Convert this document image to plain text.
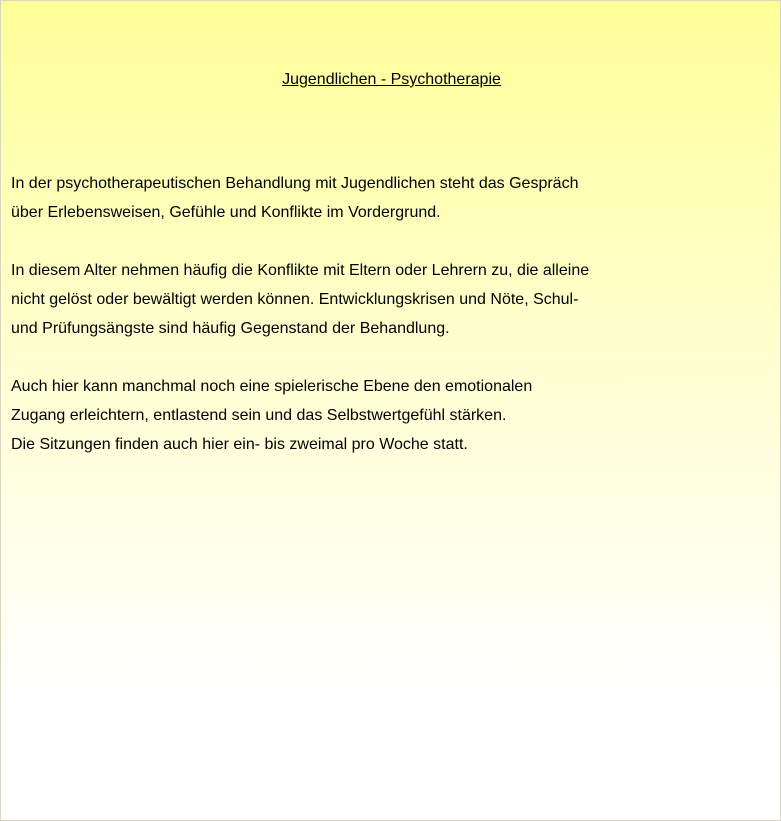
Jugendlichen - Psychotherapie

In der psychotherapeutischen Behandlung mit Jugendlichen steht das Gespräch
über Erlebensweisen, Gefühle und Konflikte im Vordergrund.

In diesem Alter nehmen häufig die Konflikte mit Eltern oder Lehrern zu, die alleine
nicht gelöst oder bewältigt werden können. Entwicklungskrisen und Nöte, Schul-
und Prüfungsängste sind häufig Gegenstand der Behandlung.

Auch hier kann manchmal noch eine spielerische Ebene den emotionalen
Zugang erleichtern, entlastend sein und das Selbstwertgefühl stärken.
Die Sitzungen finden auch hier ein- bis zweimal pro Woche statt.
